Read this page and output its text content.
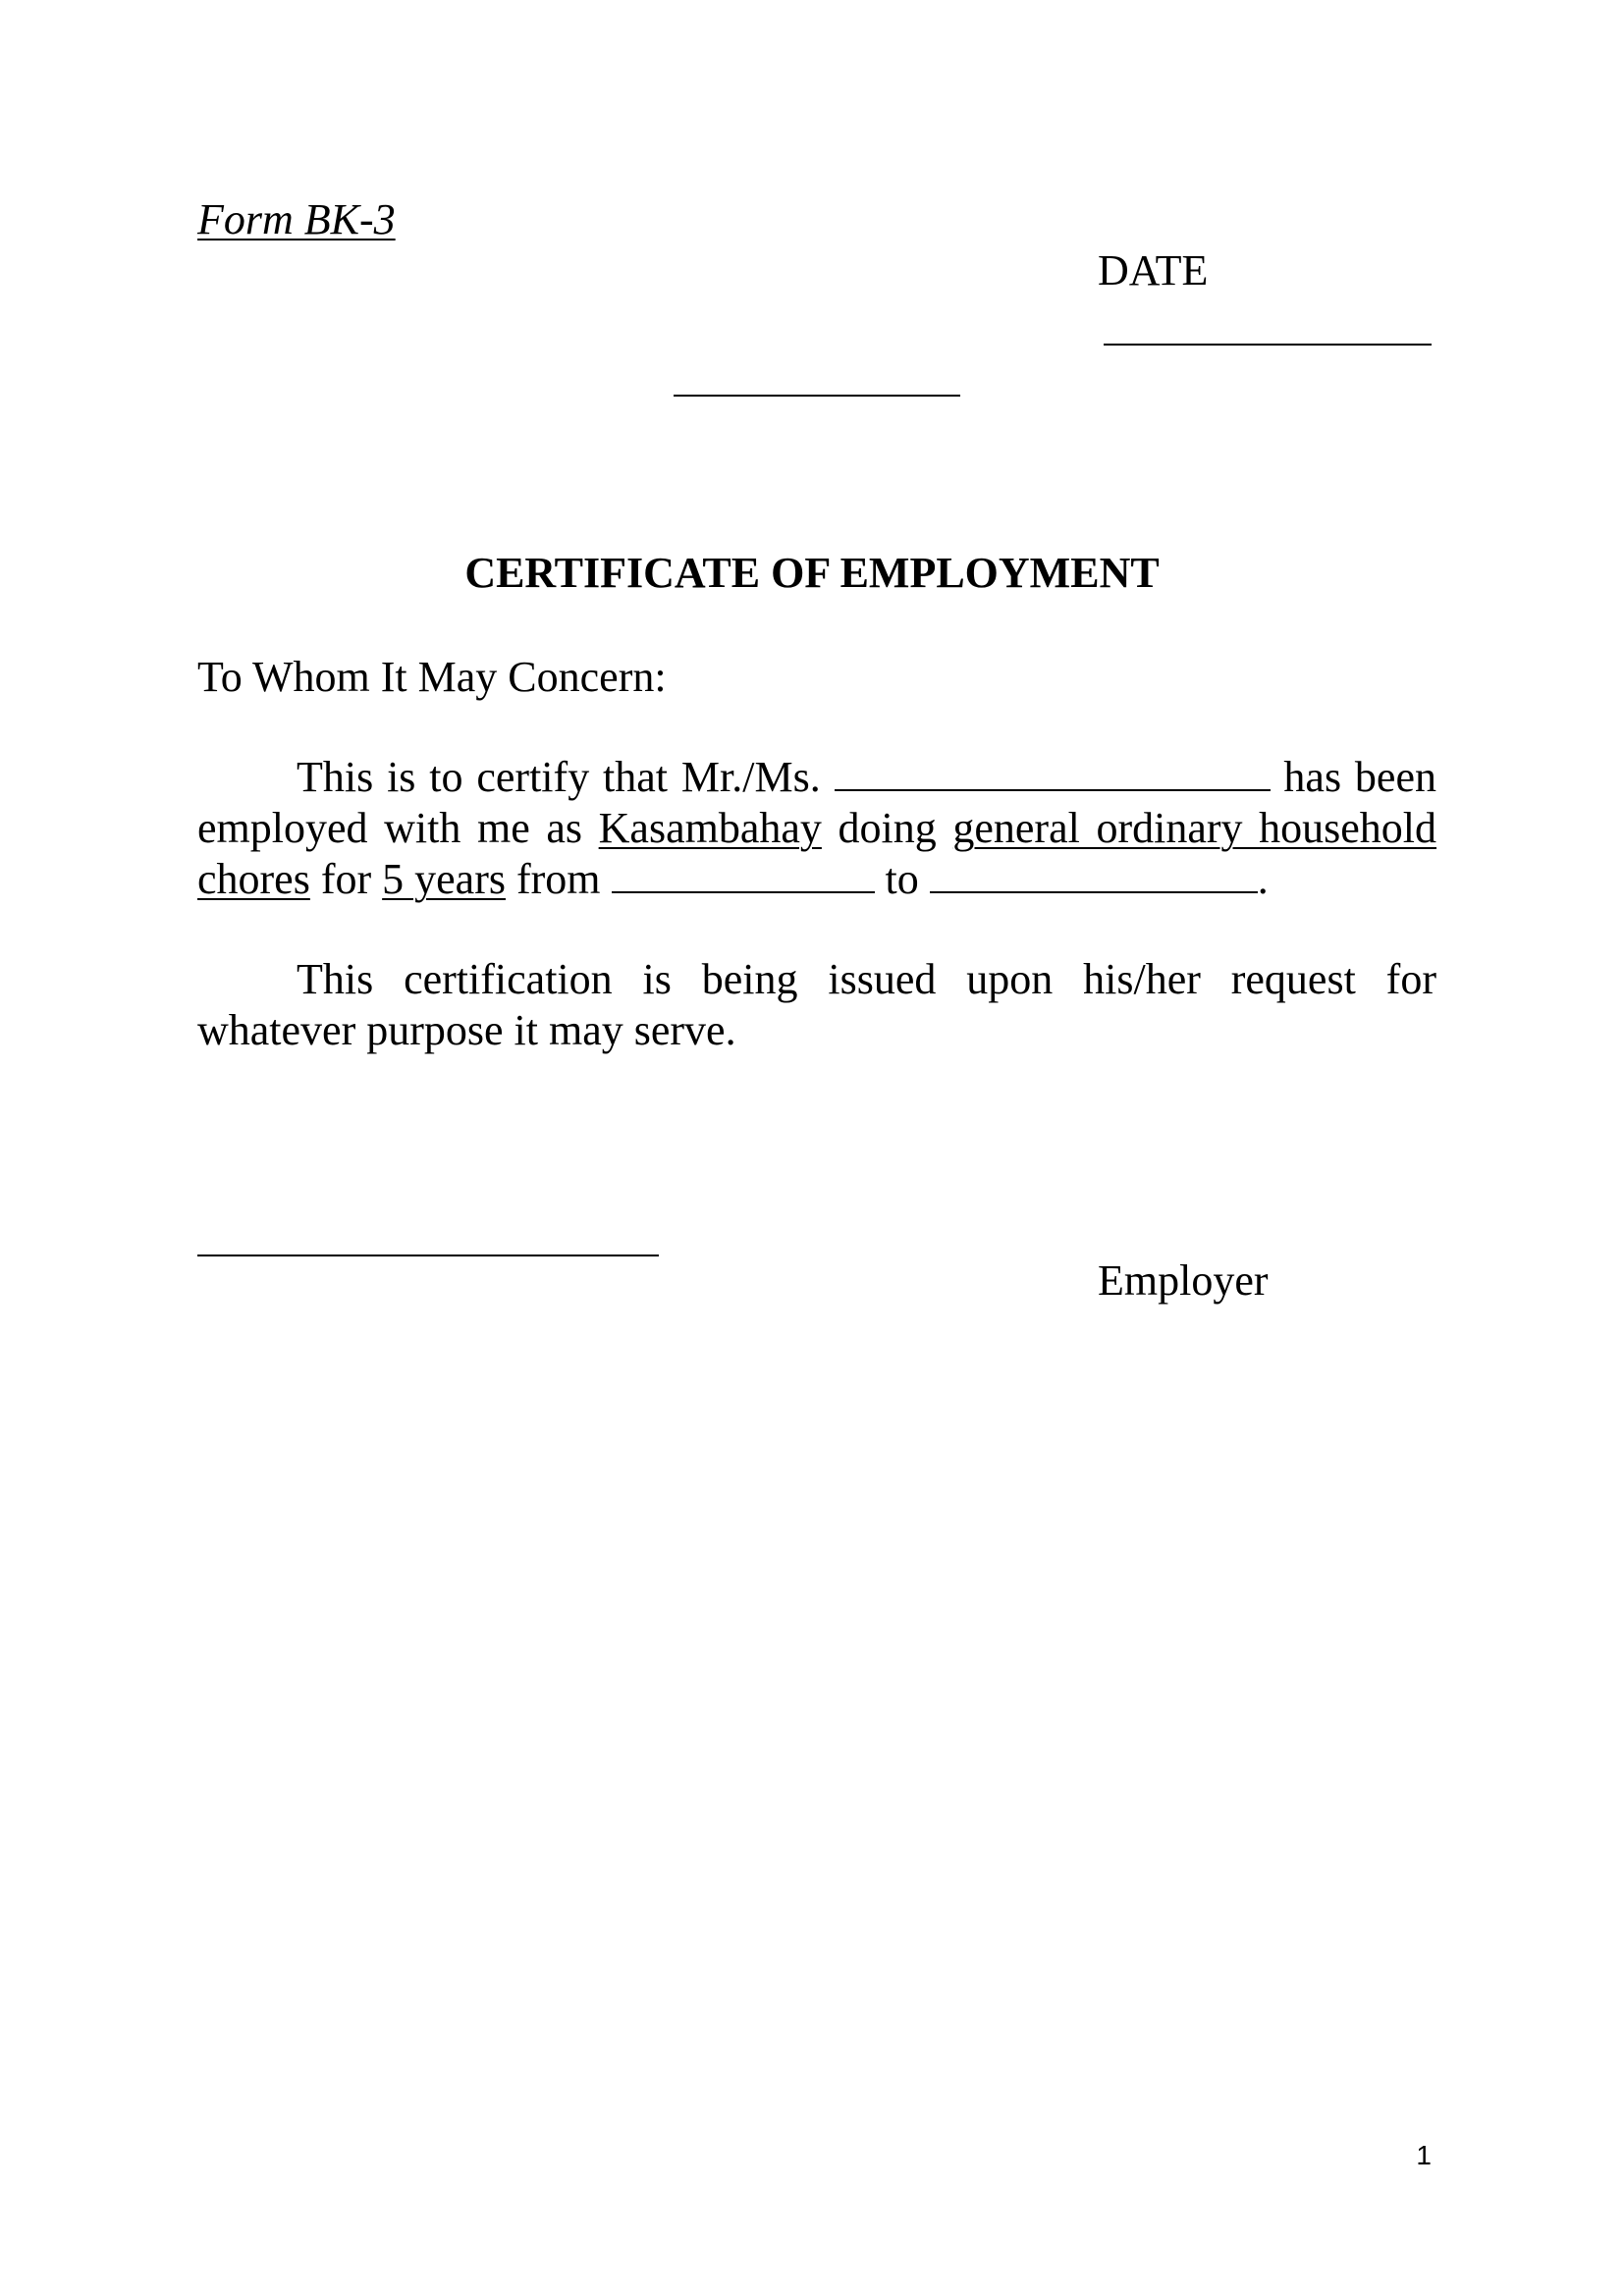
Form BK-3
DATE
CERTIFICATE OF EMPLOYMENT
To Whom It May Concern:

This is to certify that Mr./Ms.	has been employed with me as Kasambahay doing general ordinary household chores for 5 years from	to	.

This certification is being issued upon his/her request for whatever purpose it may serve.

Employer
1
